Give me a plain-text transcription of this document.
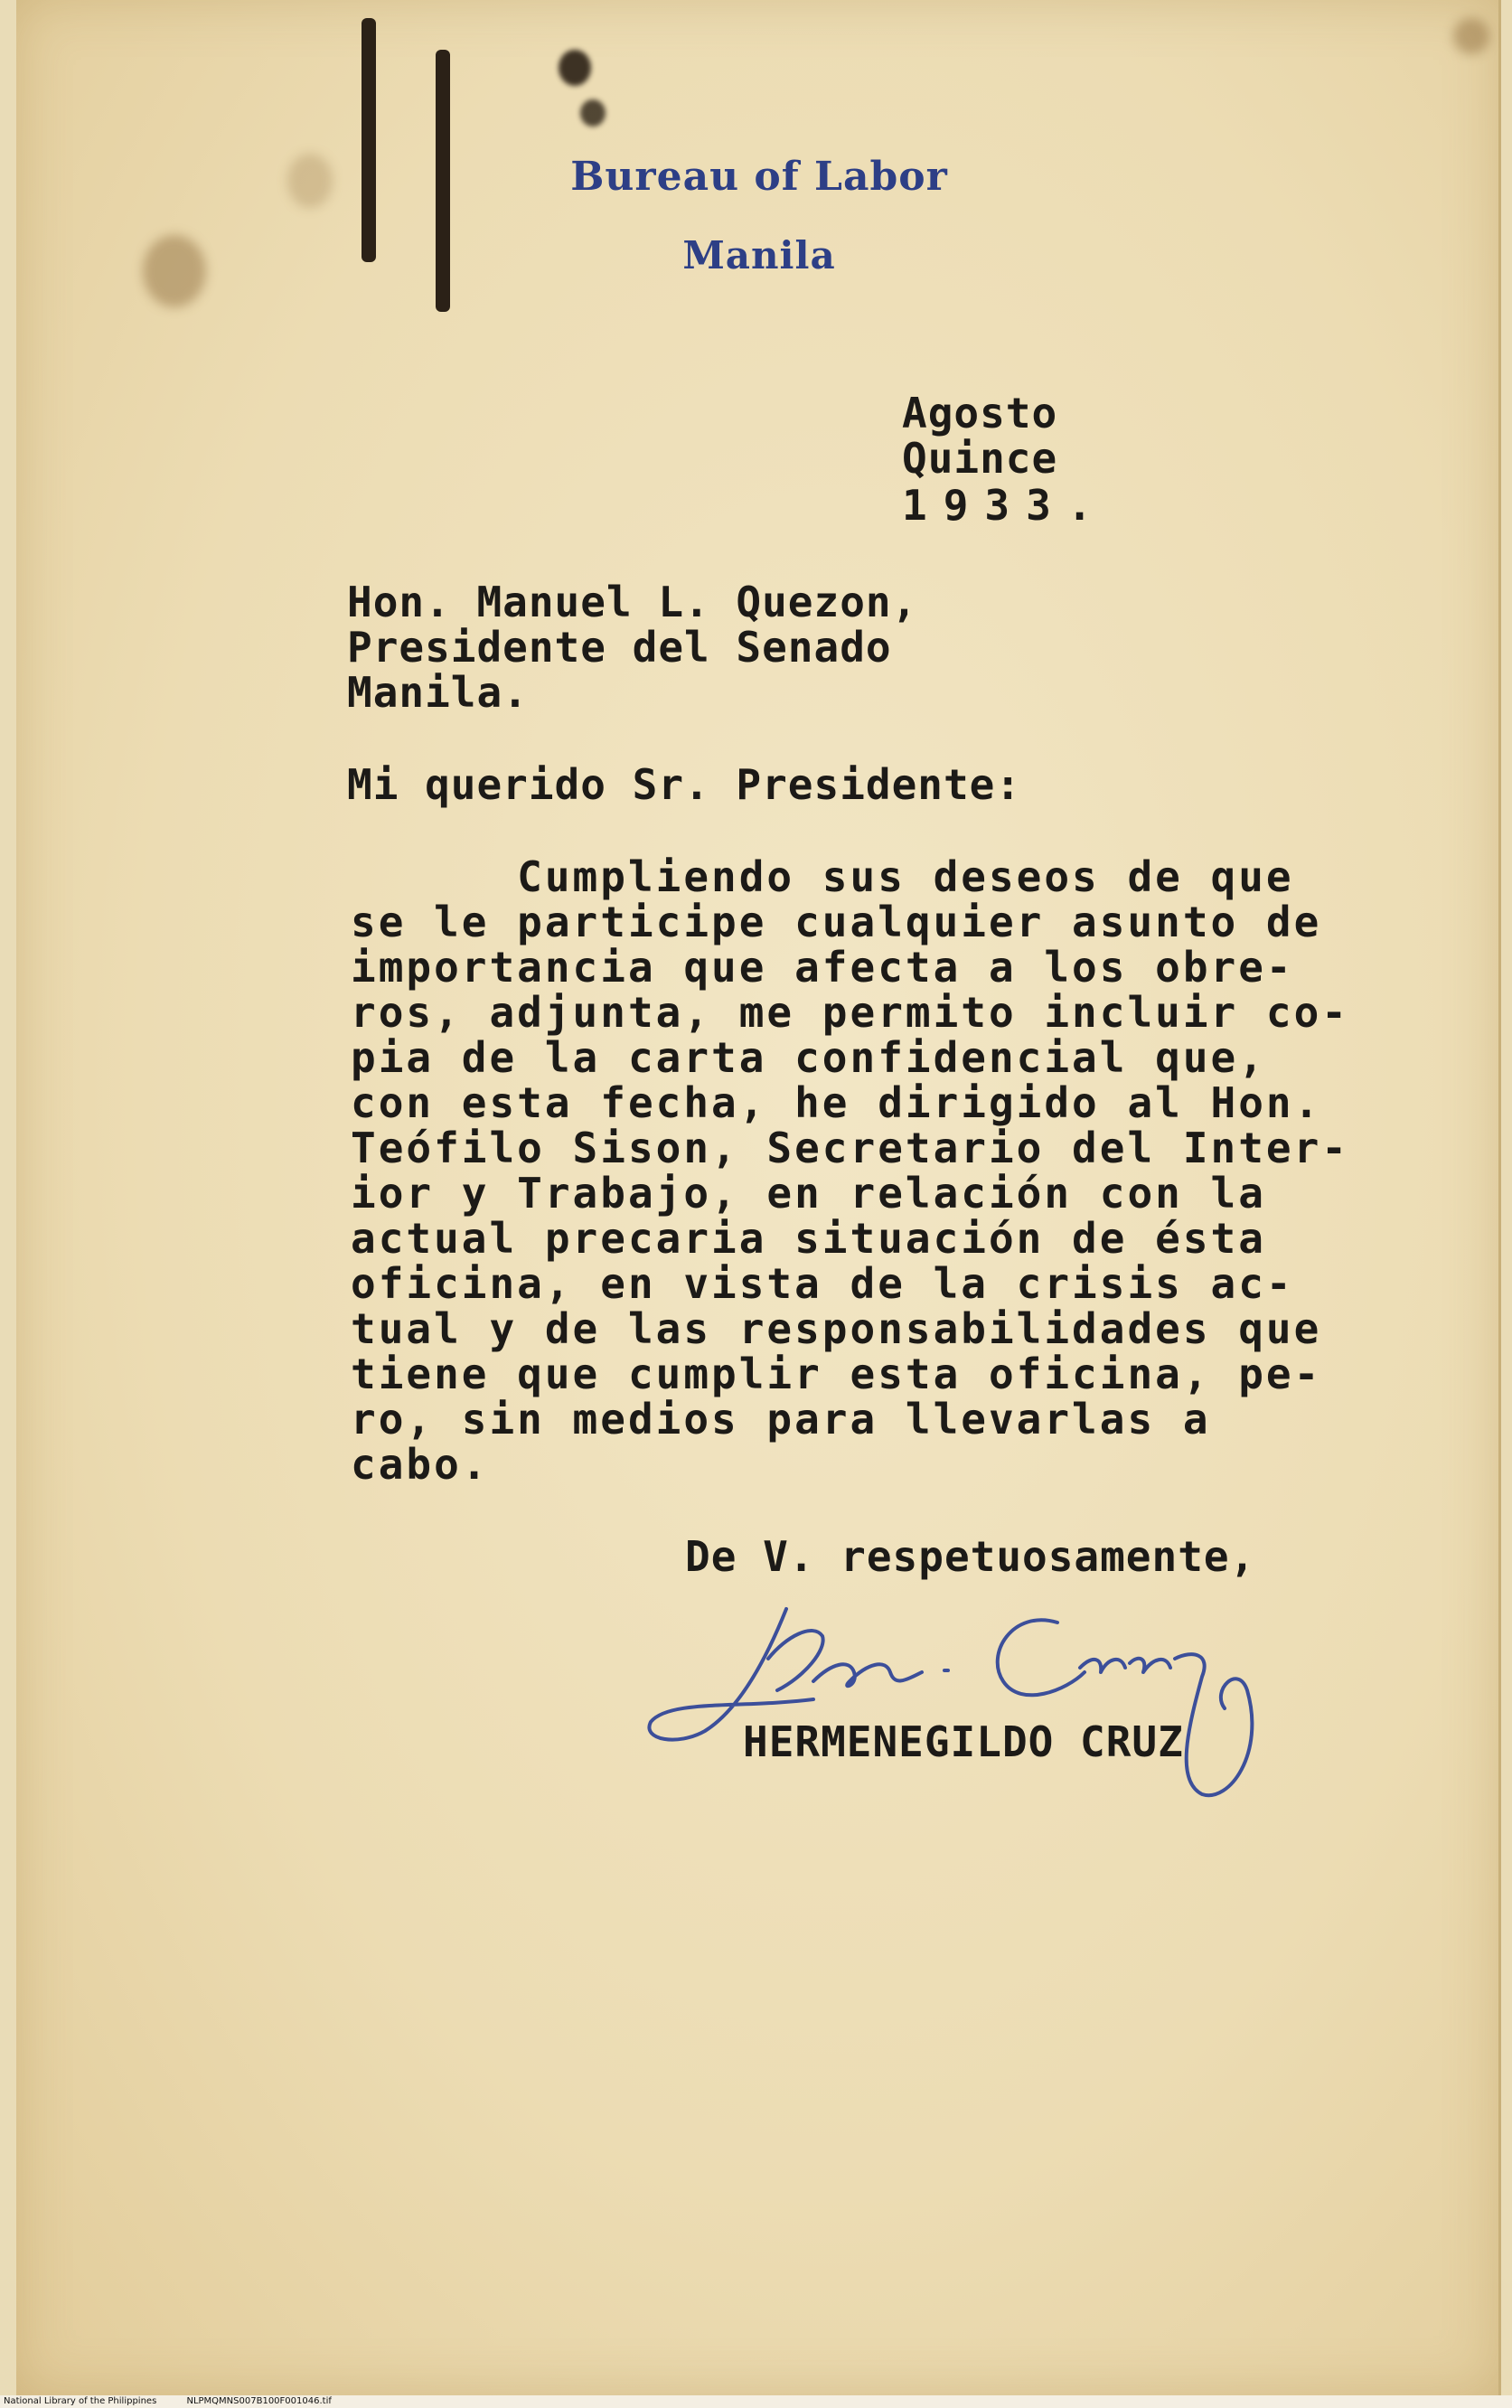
Bureau of Labor
Manila
Agosto
Quince
1933.
Hon. Manuel L. Quezon,
Presidente del Senado
Manila.
Mi querido Sr. Presidente:
Cumpliendo sus deseos de que
se le participe cualquier asunto de
importancia que afecta a los obre-
ros, adjunta, me permito incluir co-
pia de la carta confidencial que,
con esta fecha, he dirigido al Hon.
Teófilo Sison, Secretario del Inter-
ior y Trabajo, en relación con la
actual precaria situación de ésta
oficina, en vista de la crisis ac-
tual y de las responsabilidades que
tiene que cumplir esta oficina, pe-
ro, sin medios para llevarlas a
cabo.
De V. respetuosamente,
HERMENEGILDO CRUZ
National Library of the Philippines	NLPMQMNS007B100F001046.tif
